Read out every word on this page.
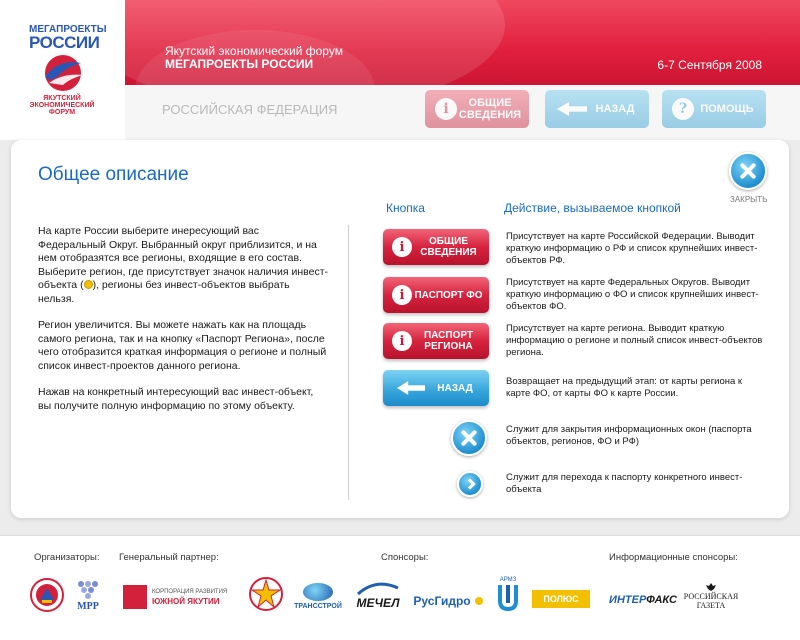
МЕГАПРОЕКТЫ
РОССИИ
ЯКУТСКИЙ
ЭКОНОМИЧЕСКИЙ
ФОРУМ
Якутский экономический форум
МЕГАПРОЕКТЫ РОССИИ	6-7 Сентября 2008
РОССИЙСКАЯ ФЕДЕРАЦИЯ	i	ОБЩИЕ
СВЕДЕНИЯ	НАЗАД	?	ПОМОЩЬ
Общее описание
ЗАКРЫТЬ

На карте России выберите инересующий вас Федеральный Округ. Выбранный округ приблизится, и на нем отобразятся все регионы, входящие в его состав.
Выберите регион, где присутствует значок наличия инвест-объекта ( ), регионы без инвест-объектов выбрать нельзя.

Регион увеличится. Вы можете нажать как на площадь самого региона, так и на кнопку «Паспорт Региона», после чего отобразится краткая информация о регионе и полный список инвест-проектов данного региона.

Нажав на конкретный интересующий вас инвест-объект, вы получите полную информацию по этому объекту.

Кнопка	Действие, вызываемое кнопкой
i	ОБЩИЕ
СВЕДЕНИЯ
Присутствует на карте Российской Федерации. Выводит краткую информацию о РФ и список крупнейших инвест-объектов РФ.
i ПАСПОРТ ФО
Присутствует на карте Федеральных Округов. Выводит краткую информацию о ФО и список крупнейших инвест-объектов ФО.
i	ПАСПОРТ
РЕГИОНА
Присутствует на карте региона. Выводит краткую информацию о регионе и полный список инвест-объектов региона.
НАЗАД
Возвращает на предыдущий этап: от карты региона к карте ФО, от карты ФО к карте России.
Служит для закрытия информационных окон (паспорта объектов, регионов, ФО и РФ)
Служит для перехода к паспорту конкретного инвест-объекта
Организаторы: Генеральный партнер:	Спонсоры:	Информационные спонсоры:
MPP
КОРПОРАЦИЯ РАЗВИТИЯ
ЮЖНОЙ ЯКУТИИ	ТРАНССТРОЙ МЕЧЕЛ РусГидро
АРМЗ
ПОЛЮС	ИНТЕР ФАКС РОССИЙСКАЯ
ГАЗЕТА
